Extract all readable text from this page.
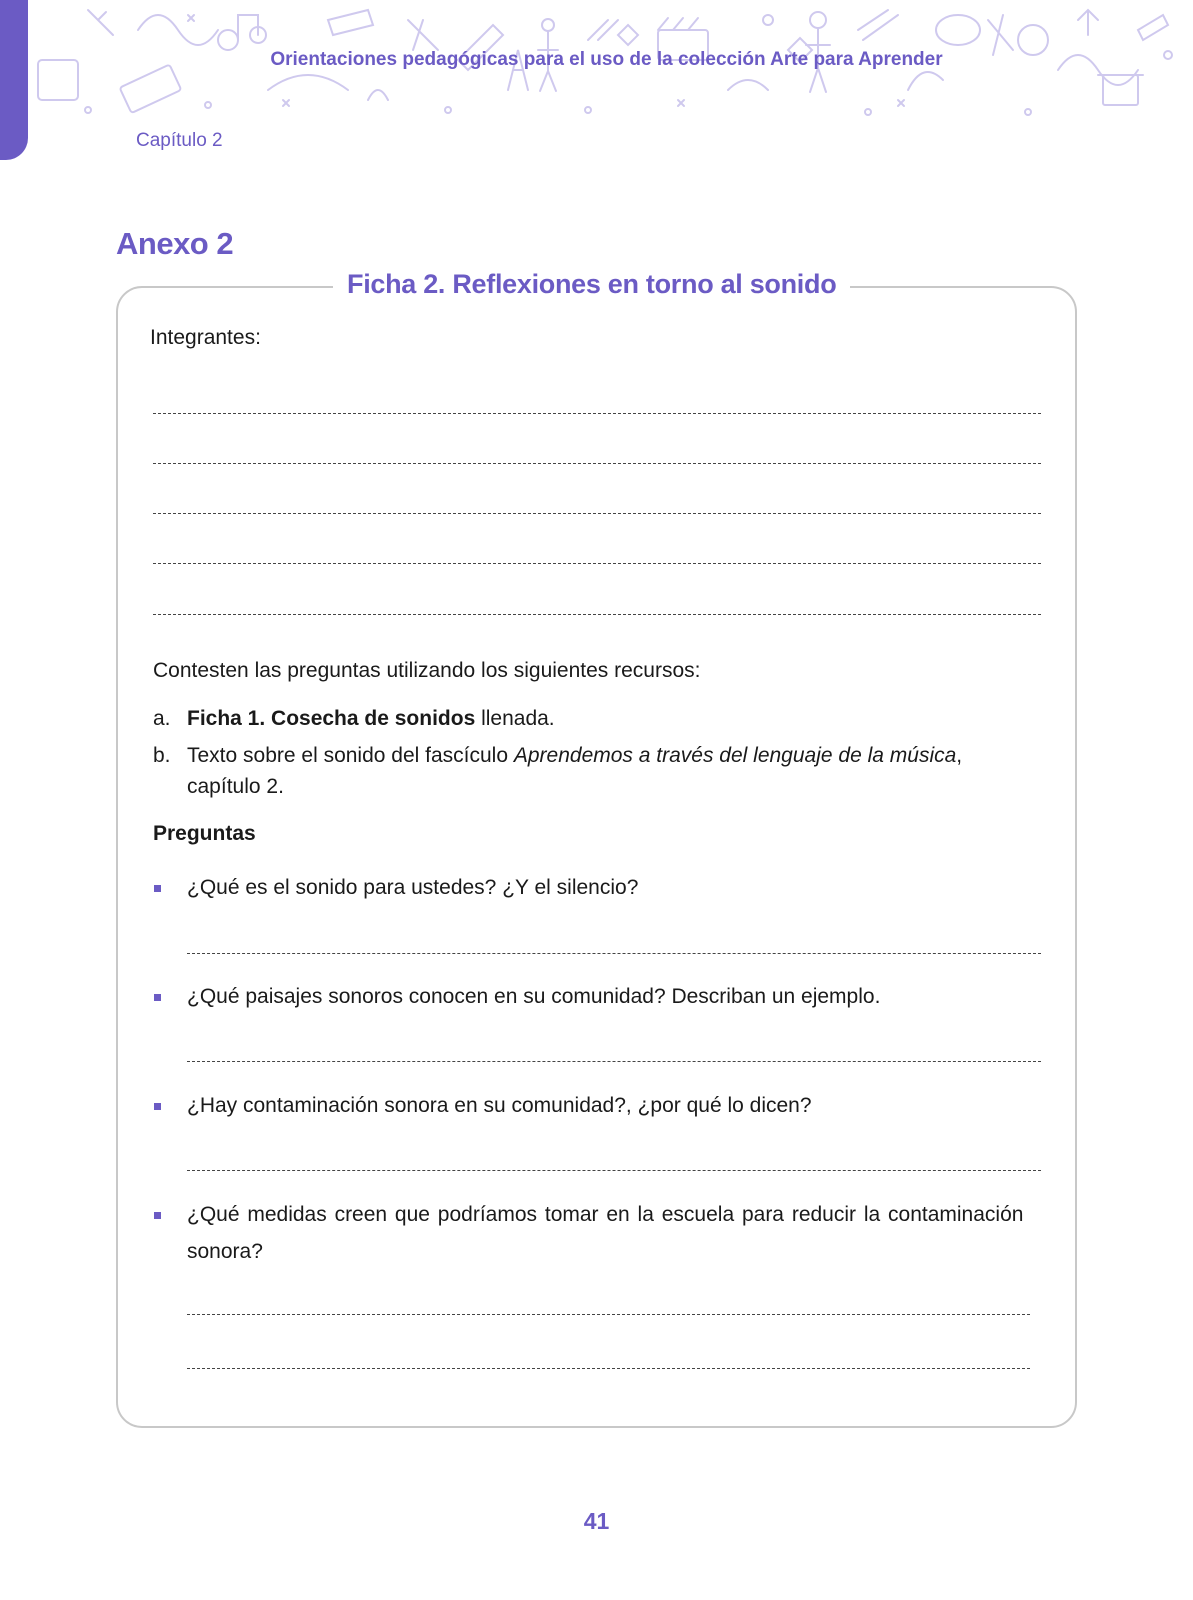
Orientaciones pedagógicas para el uso de la colección Arte para Aprender
Capítulo 2
Anexo 2
Ficha 2. Reflexiones en torno al sonido
Integrantes:
Contesten las preguntas utilizando los siguientes recursos:
a. Ficha 1. Cosecha de sonidos llenada.
b. Texto sobre el sonido del fascículo Aprendemos a través del lenguaje de la música,
capítulo 2.
Preguntas
¿Qué es el sonido para ustedes? ¿Y el silencio?
¿Qué paisajes sonoros conocen en su comunidad? Describan un ejemplo.
¿Hay contaminación sonora en su comunidad?, ¿por qué lo dicen?
¿Qué medidas creen que podríamos tomar en la escuela para reducir la contaminación
sonora?
41
